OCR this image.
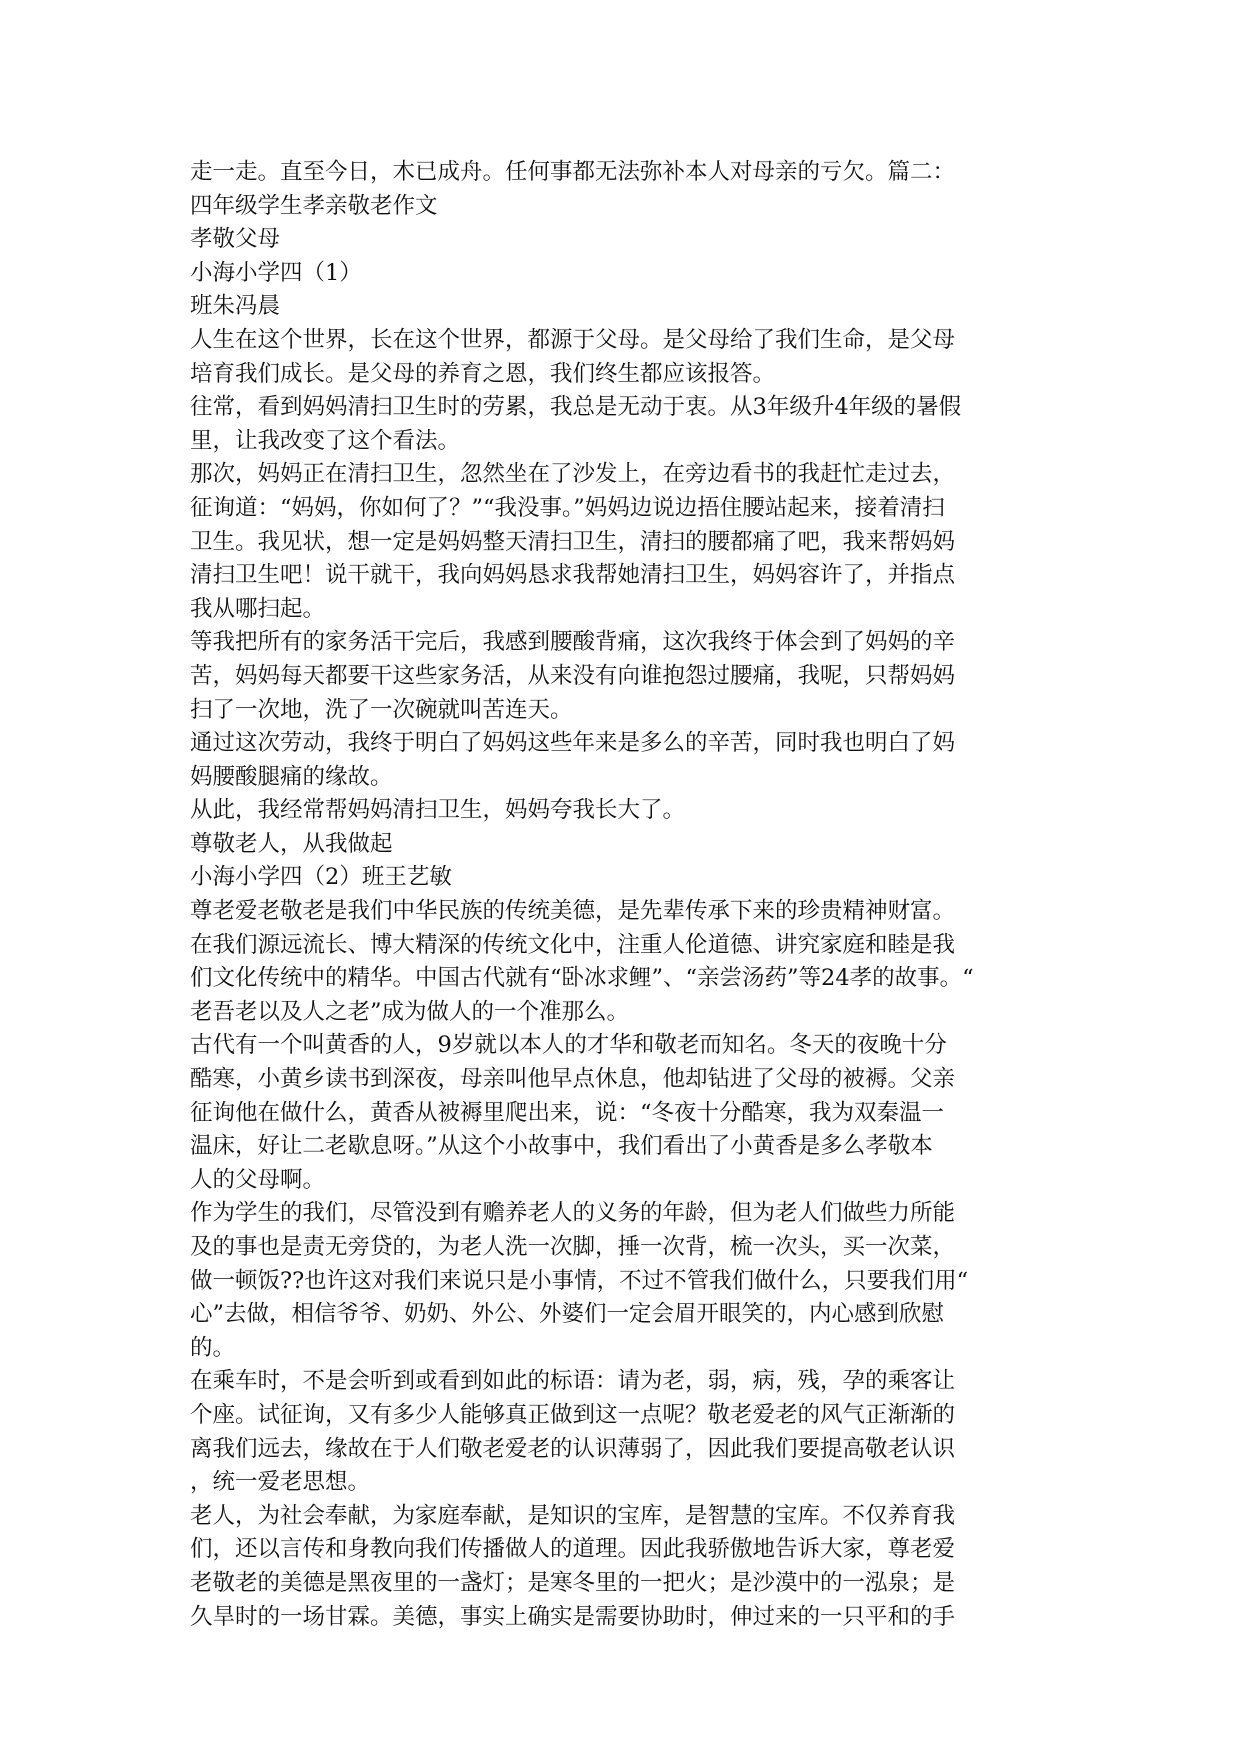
走一走。直至今日，木已成舟。任何事都无法弥补本人对母亲的亏欠。篇二：
四年级学生孝亲敬老作文
孝敬父母
小海小学四（1）
班朱冯晨
人生在这个世界，长在这个世界，都源于父母。是父母给了我们生命，是父母
培育我们成长。是父母的养育之恩，我们终生都应该报答。
往常，看到妈妈清扫卫生时的劳累，我总是无动于衷。从3年级升4年级的暑假
里，让我改变了这个看法。
那次，妈妈正在清扫卫生，忽然坐在了沙发上，在旁边看书的我赶忙走过去，
征询道：“妈妈，你如何了？”“我没事。”妈妈边说边捂住腰站起来，接着清扫
卫生。我见状，想一定是妈妈整天清扫卫生，清扫的腰都痛了吧，我来帮妈妈
清扫卫生吧！说干就干，我向妈妈恳求我帮她清扫卫生，妈妈容许了，并指点
我从哪扫起。
等我把所有的家务活干完后，我感到腰酸背痛，这次我终于体会到了妈妈的辛
苦，妈妈每天都要干这些家务活，从来没有向谁抱怨过腰痛，我呢，只帮妈妈
扫了一次地，洗了一次碗就叫苦连天。
通过这次劳动，我终于明白了妈妈这些年来是多么的辛苦，同时我也明白了妈
妈腰酸腿痛的缘故。
从此，我经常帮妈妈清扫卫生，妈妈夸我长大了。
尊敬老人，从我做起
小海小学四（2）班王艺敏
尊老爱老敬老是我们中华民族的传统美德，是先辈传承下来的珍贵精神财富。
在我们源远流长、博大精深的传统文化中，注重人伦道德、讲究家庭和睦是我
们文化传统中的精华。中国古代就有“卧冰求鲤”、“亲尝汤药”等24孝的故事。“
老吾老以及人之老”成为做人的一个准那么。
古代有一个叫黄香的人，9岁就以本人的才华和敬老而知名。冬天的夜晚十分
酷寒，小黄乡读书到深夜，母亲叫他早点休息，他却钻进了父母的被褥。父亲
征询他在做什么，黄香从被褥里爬出来，说：“冬夜十分酷寒，我为双秦温一
温床，好让二老歇息呀。”从这个小故事中，我们看出了小黄香是多么孝敬本
人的父母啊。
作为学生的我们，尽管没到有赡养老人的义务的年龄，但为老人们做些力所能
及的事也是责无旁贷的，为老人洗一次脚，捶一次背，梳一次头，买一次菜，
做一顿饭??也许这对我们来说只是小事情，不过不管我们做什么，只要我们用“
心”去做，相信爷爷、奶奶、外公、外婆们一定会眉开眼笑的，内心感到欣慰
的。
在乘车时，不是会听到或看到如此的标语：请为老，弱，病，残，孕的乘客让
个座。试征询，又有多少人能够真正做到这一点呢？敬老爱老的风气正渐渐的
离我们远去，缘故在于人们敬老爱老的认识薄弱了，因此我们要提高敬老认识
，统一爱老思想。
老人，为社会奉献，为家庭奉献，是知识的宝库，是智慧的宝库。不仅养育我
们，还以言传和身教向我们传播做人的道理。因此我骄傲地告诉大家，尊老爱
老敬老的美德是黑夜里的一盏灯；是寒冬里的一把火；是沙漠中的一泓泉；是
久旱时的一场甘霖。美德，事实上确实是需要协助时，伸过来的一只平和的手
